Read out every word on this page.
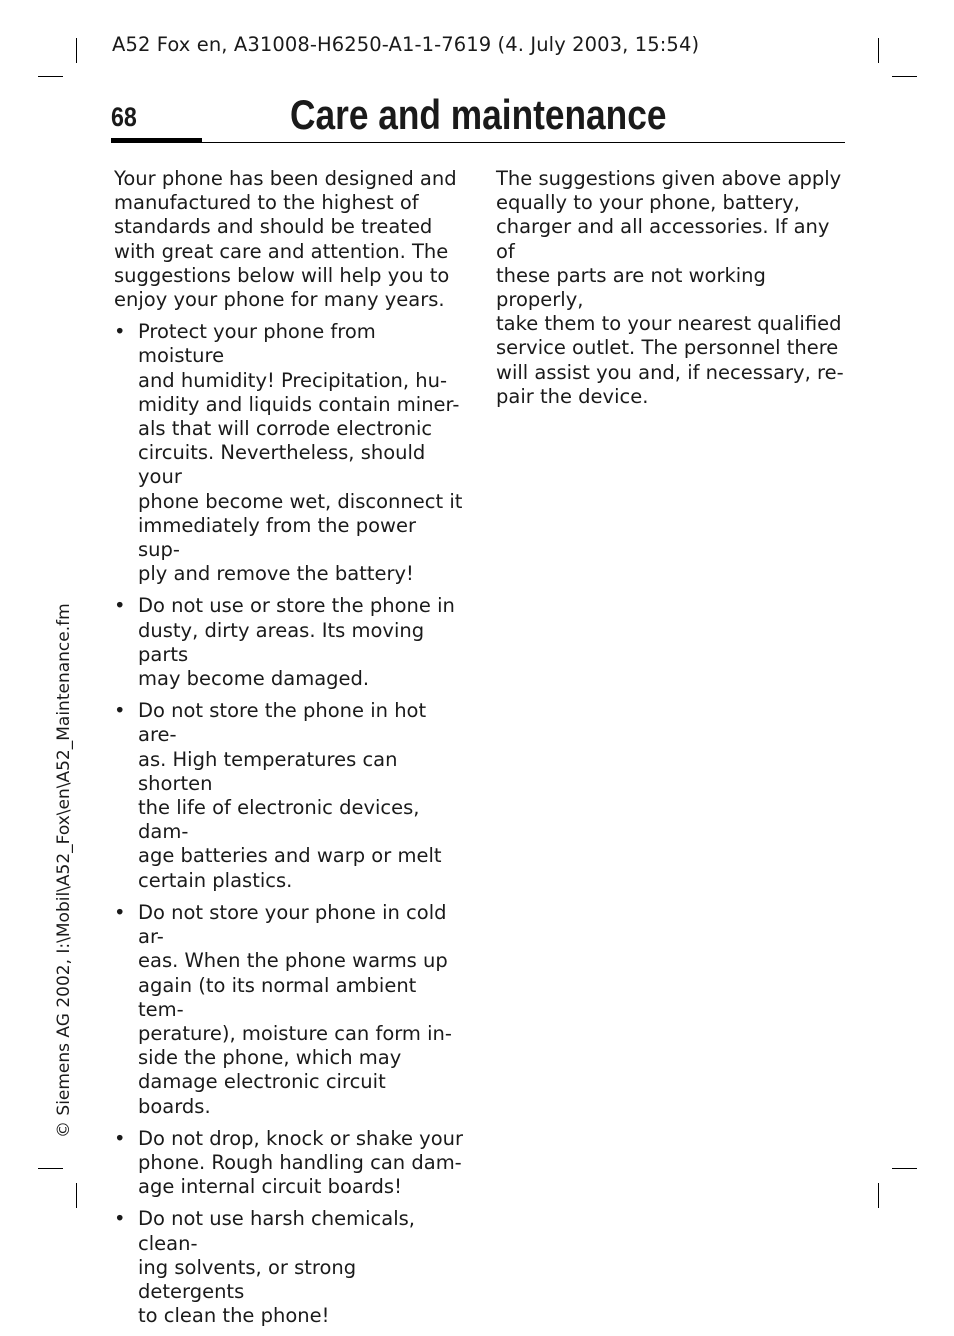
A52 Fox en, A31008-H6250-A1-1-7619 (4. July 2003, 15:54)
68	Care and maintenance

Your phone has been designed and
manufactured to the highest of
standards and should be treated
with great care and attention. The
suggestions below will help you to
enjoy your phone for many years.

• Protect your phone from moisture
and humidity! Precipitation, hu-
midity and liquids contain miner-
als that will corrode electronic
circuits. Nevertheless, should your
phone become wet, disconnect it
immediately from the power sup-
ply and remove the battery!
• Do not use or store the phone in
dusty, dirty areas. Its moving parts
may become damaged.
• Do not store the phone in hot are-
as. High temperatures can shorten
the life of electronic devices, dam-
age batteries and warp or melt
certain plastics.
• Do not store your phone in cold ar-
eas. When the phone warms up
again (to its normal ambient tem-
perature), moisture can form in-
side the phone, which may
damage electronic circuit boards.
• Do not drop, knock or shake your
phone. Rough handling can dam-
age internal circuit boards!
• Do not use harsh chemicals, clean-
ing solvents, or strong detergents
to clean the phone!

The suggestions given above apply
equally to your phone, battery,
charger and all accessories. If any of
these parts are not working properly,
take them to your nearest qualified
service outlet. The personnel there
will assist you and, if necessary, re-
pair the device.

© Siemens AG 2002, I:\Mobil\A52_Fox\en\A52_Maintenance.fm
